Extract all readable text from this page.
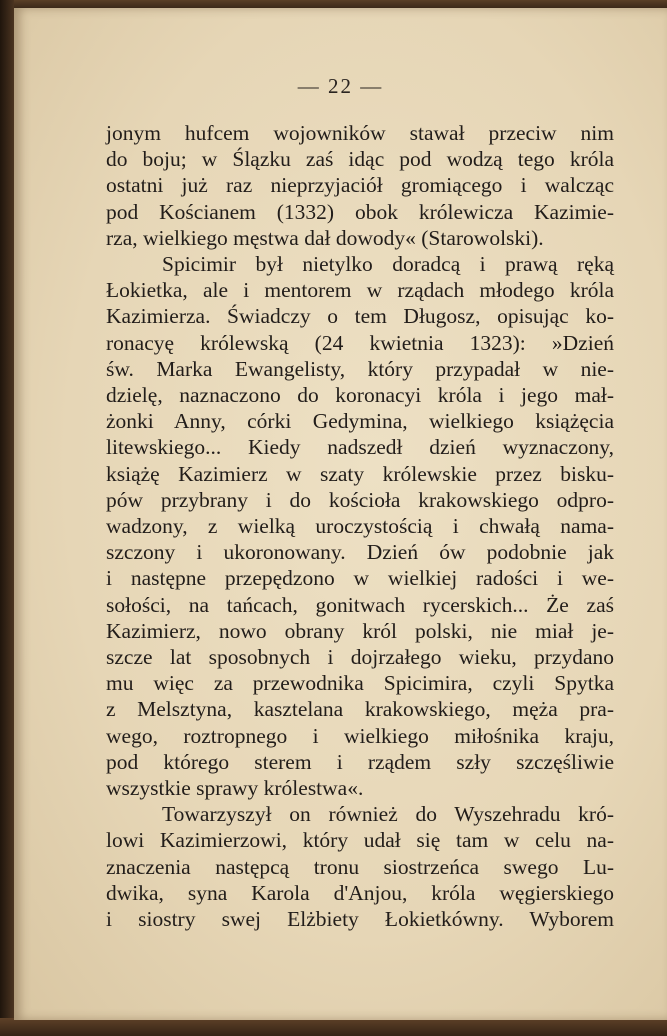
— 22 —
jonym hufcem wojowników stawał przeciw nim
do boju; w Ślązku zaś idąc pod wodzą tego króla
ostatni już raz nieprzyjaciół gromiącego i walcząc
pod Kościanem (1332) obok królewicza Kazimie-
rza, wielkiego męstwa dał dowody« (Starowolski).
Spicimir był nietylko doradcą i prawą ręką
Łokietka, ale i mentorem w rządach młodego króla
Kazimierza. Świadczy o tem Długosz, opisując ko-
ronacyę królewską (24 kwietnia 1323): »Dzień
św. Marka Ewangelisty, który przypadał w nie-
dzielę, naznaczono do koronacyi króla i jego mał-
żonki Anny, córki Gedymina, wielkiego książęcia
litewskiego... Kiedy nadszedł dzień wyznaczony,
książę Kazimierz w szaty królewskie przez bisku-
pów przybrany i do kościoła krakowskiego odpro-
wadzony, z wielką uroczystością i chwałą nama-
szczony i ukoronowany. Dzień ów podobnie jak
i następne przepędzono w wielkiej radości i we-
sołości, na tańcach, gonitwach rycerskich... Że zaś
Kazimierz, nowo obrany król polski, nie miał je-
szcze lat sposobnych i dojrzałego wieku, przydano
mu więc za przewodnika Spicimira, czyli Spytka
z Melsztyna, kasztelana krakowskiego, męża pra-
wego, roztropnego i wielkiego miłośnika kraju,
pod którego sterem i rządem szły szczęśliwie
wszystkie sprawy królestwa«.
Towarzyszył on również do Wyszehradu kró-
lowi Kazimierzowi, który udał się tam w celu na-
znaczenia następcą tronu siostrzeńca swego Lu-
dwika, syna Karola d'Anjou, króla węgierskiego
i siostry swej Elżbiety Łokietkówny. Wyborem
